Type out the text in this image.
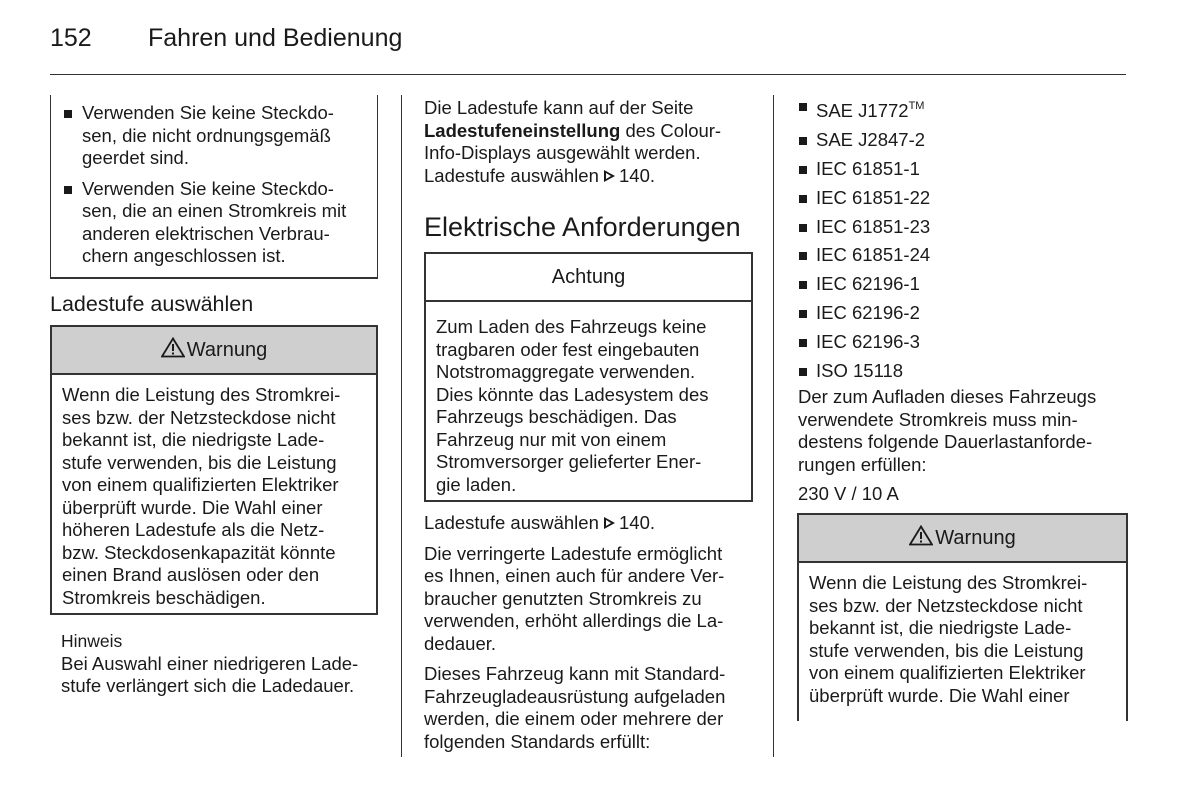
152 Fahren und Bedienung

Verwenden Sie keine Steckdo-

sen, die nicht ordnungsgemäß

geerdet sind.

Verwenden Sie keine Steckdo-

sen, die an einen Stromkreis mit

anderen elektrischen Verbrau-

chern angeschlossen ist.

Ladestufe auswählen
Warnung

Wenn die Leistung des Stromkrei-

ses bzw. der Netzsteckdose nicht

bekannt ist, die niedrigste Lade-

stufe verwenden, bis die Leistung

von einem qualifizierten Elektriker

überprüft wurde. Die Wahl einer

höheren Ladestufe als die Netz-

bzw. Steckdosenkapazität könnte

einen Brand auslösen oder den

Stromkreis beschädigen.

Hinweis

Bei Auswahl einer niedrigeren Lade-

stufe verlängert sich die Ladedauer.

Die Ladestufe kann auf der Seite

Ladestufeneinstellung des Colour-

Info-Displays ausgewählt werden.

Ladestufe auswählen 140.

Elektrische Anforderungen
Achtung

Zum Laden des Fahrzeugs keine

tragbaren oder fest eingebauten

Notstromaggregate verwenden.

Dies könnte das Ladesystem des

Fahrzeugs beschädigen. Das

Fahrzeug nur mit von einem

Stromversorger gelieferter Ener-

gie laden.

Ladestufe auswählen 140.

Die verringerte Ladestufe ermöglicht

es Ihnen, einen auch für andere Ver-

braucher genutzten Stromkreis zu

verwenden, erhöht allerdings die La-

dedauer.

Dieses Fahrzeug kann mit Standard-

Fahrzeugladeausrüstung aufgeladen

werden, die einem oder mehrere der

folgenden Standards erfüllt:

SAE J1772™
SAE J2847-2
IEC 61851-1
IEC 61851-22
IEC 61851-23
IEC 61851-24
IEC 62196-1
IEC 62196-2
IEC 62196-3
ISO 15118

Der zum Aufladen dieses Fahrzeugs

verwendete Stromkreis muss min-

destens folgende Dauerlastanforde-

rungen erfüllen:

230 V / 10 A

Warnung

Wenn die Leistung des Stromkrei-

ses bzw. der Netzsteckdose nicht

bekannt ist, die niedrigste Lade-

stufe verwenden, bis die Leistung

von einem qualifizierten Elektriker

überprüft wurde. Die Wahl einer
